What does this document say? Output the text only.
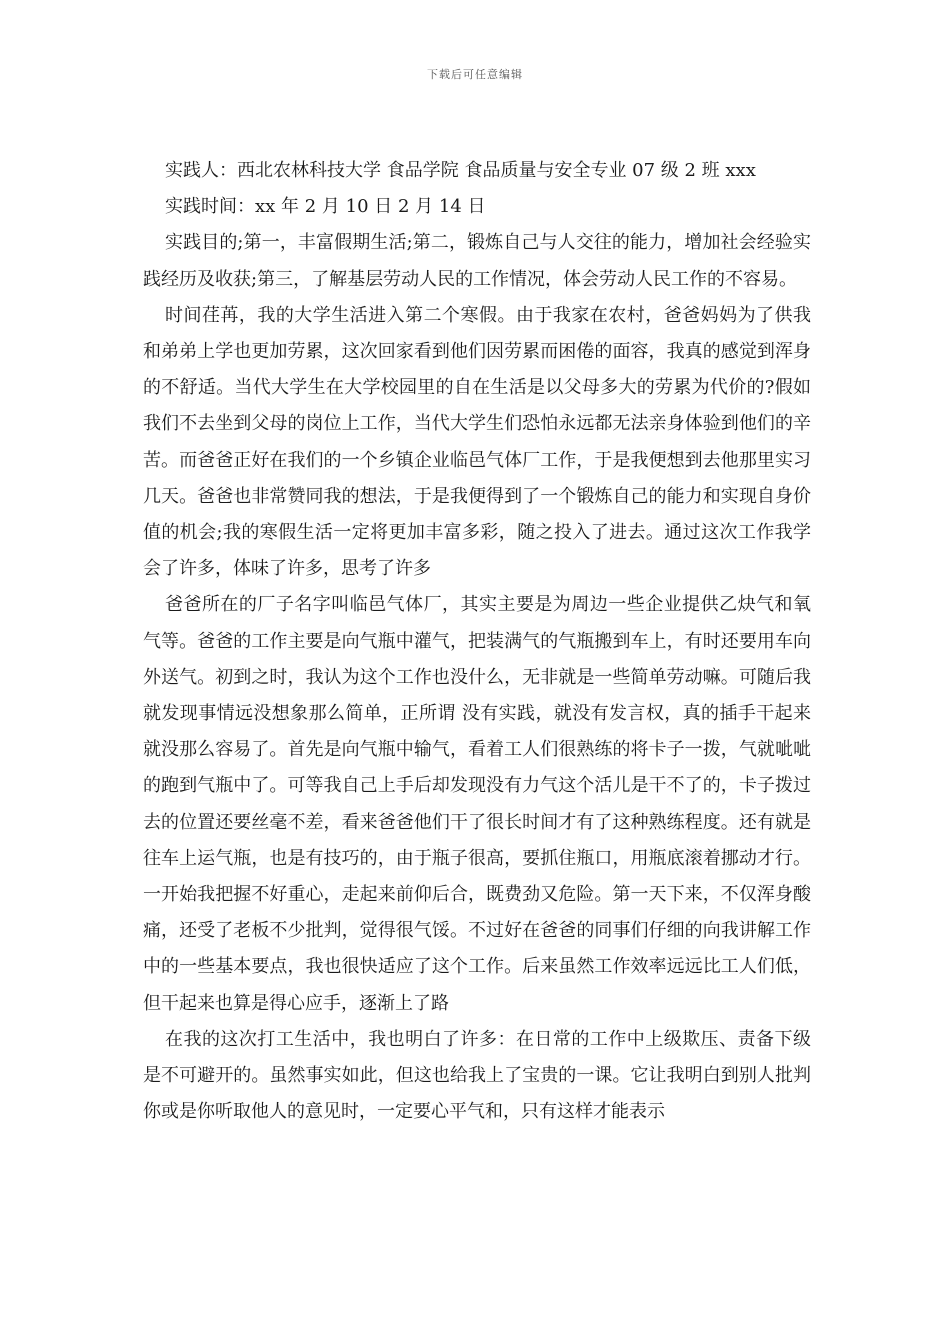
下载后可任意编辑

实践人：西北农林科技大学 食品学院 食品质量与安全专业 07 级 2 班 xxx

实践时间：xx 年 2 月 10 日 2 月 14 日

实践目的;第一，丰富假期生活;第二，锻炼自己与人交往的能力，增加社会经验实践经历及收获;第三，了解基层劳动人民的工作情况，体会劳动人民工作的不容易。

时间荏苒，我的大学生活进入第二个寒假。由于我家在农村，爸爸妈妈为了供我和弟弟上学也更加劳累，这次回家看到他们因劳累而困倦的面容，我真的感觉到浑身的不舒适。当代大学生在大学校园里的自在生活是以父母多大的劳累为代价的?假如我们不去坐到父母的岗位上工作，当代大学生们恐怕永远都无法亲身体验到他们的辛苦。而爸爸正好在我们的一个乡镇企业临邑气体厂工作，于是我便想到去他那里实习几天。爸爸也非常赞同我的想法，于是我便得到了一个锻炼自己的能力和实现自身价值的机会;我的寒假生活一定将更加丰富多彩，随之投入了进去。通过这次工作我学会了许多，体味了许多，思考了许多

爸爸所在的厂子名字叫临邑气体厂，其实主要是为周边一些企业提供乙炔气和氧气等。爸爸的工作主要是向气瓶中灌气，把装满气的气瓶搬到车上，有时还要用车向外送气。初到之时，我认为这个工作也没什么，无非就是一些简单劳动嘛。可随后我就发现事情远没想象那么简单，正所谓 没有实践，就没有发言权，真的插手干起来就没那么容易了。首先是向气瓶中输气，看着工人们很熟练的将卡子一拨，气就呲呲的跑到气瓶中了。可等我自己上手后却发现没有力气这个活儿是干不了的，卡子拨过去的位置还要丝毫不差，看来爸爸他们干了很长时间才有了这种熟练程度。还有就是往车上运气瓶，也是有技巧的，由于瓶子很高，要抓住瓶口，用瓶底滚着挪动才行。一开始我把握不好重心，走起来前仰后合，既费劲又危险。第一天下来，不仅浑身酸痛，还受了老板不少批判，觉得很气馁。不过好在爸爸的同事们仔细的向我讲解工作中的一些基本要点，我也很快适应了这个工作。后来虽然工作效率远远比工人们低，但干起来也算是得心应手，逐渐上了路

在我的这次打工生活中，我也明白了许多：在日常的工作中上级欺压、责备下级是不可避开的。虽然事实如此，但这也给我上了宝贵的一课。它让我明白到别人批判你或是你听取他人的意见时，一定要心平气和，只有这样才能表示
